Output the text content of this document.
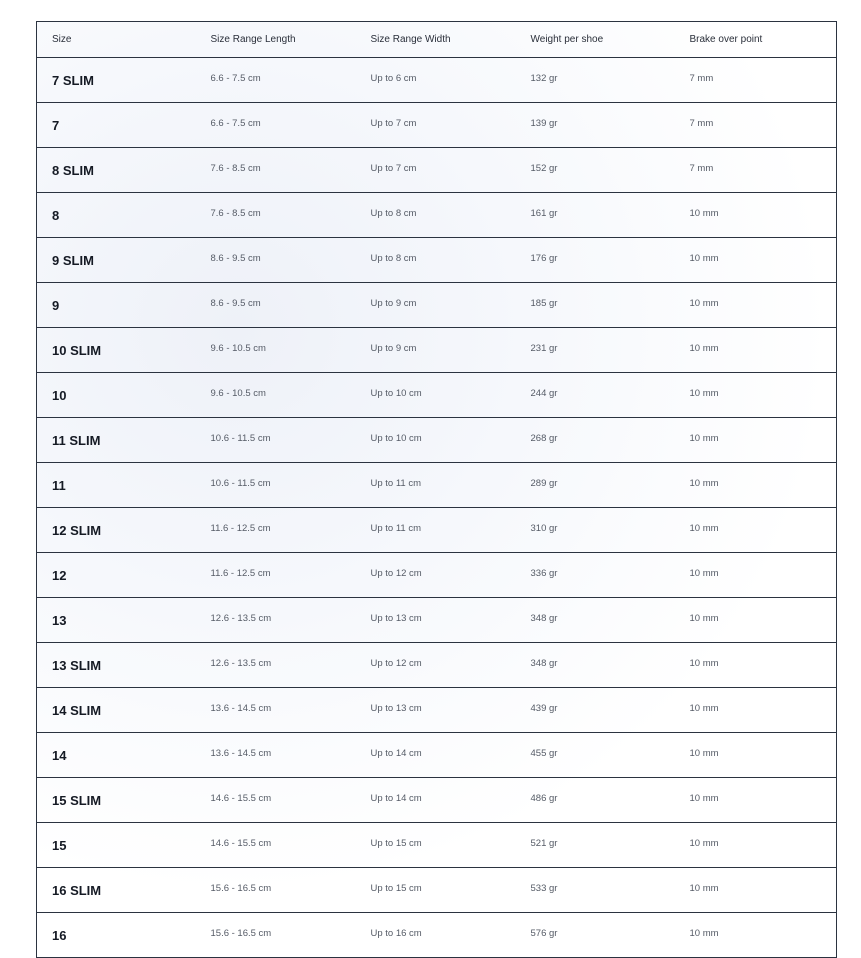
Size	Size Range Length	Size Range Width	Weight per shoe	Brake over point
7 SLIM	6.6 - 7.5 cm	Up to 6 cm	132 gr	7 mm
7	6.6 - 7.5 cm	Up to 7 cm	139 gr	7 mm
8 SLIM	7.6 - 8.5 cm	Up to 7 cm	152 gr	7 mm
8	7.6 - 8.5 cm	Up to 8 cm	161 gr	10 mm
9 SLIM	8.6 - 9.5 cm	Up to 8 cm	176 gr	10 mm
9	8.6 - 9.5 cm	Up to 9 cm	185 gr	10 mm
10 SLIM	9.6 - 10.5 cm	Up to 9 cm	231 gr	10 mm
10	9.6 - 10.5 cm	Up to 10 cm	244 gr	10 mm
11 SLIM	10.6 - 11.5 cm	Up to 10 cm	268 gr	10 mm
11	10.6 - 11.5 cm	Up to 11 cm	289 gr	10 mm
12 SLIM	11.6 - 12.5 cm	Up to 11 cm	310 gr	10 mm
12	11.6 - 12.5 cm	Up to 12 cm	336 gr	10 mm
13	12.6 - 13.5 cm	Up to 13 cm	348 gr	10 mm
13 SLIM	12.6 - 13.5 cm	Up to 12 cm	348 gr	10 mm
14 SLIM	13.6 - 14.5 cm	Up to 13 cm	439 gr	10 mm
14	13.6 - 14.5 cm	Up to 14 cm	455 gr	10 mm
15 SLIM	14.6 - 15.5 cm	Up to 14 cm	486 gr	10 mm
15	14.6 - 15.5 cm	Up to 15 cm	521 gr	10 mm
16 SLIM	15.6 - 16.5 cm	Up to 15 cm	533 gr	10 mm
16	15.6 - 16.5 cm	Up to 16 cm	576 gr	10 mm
